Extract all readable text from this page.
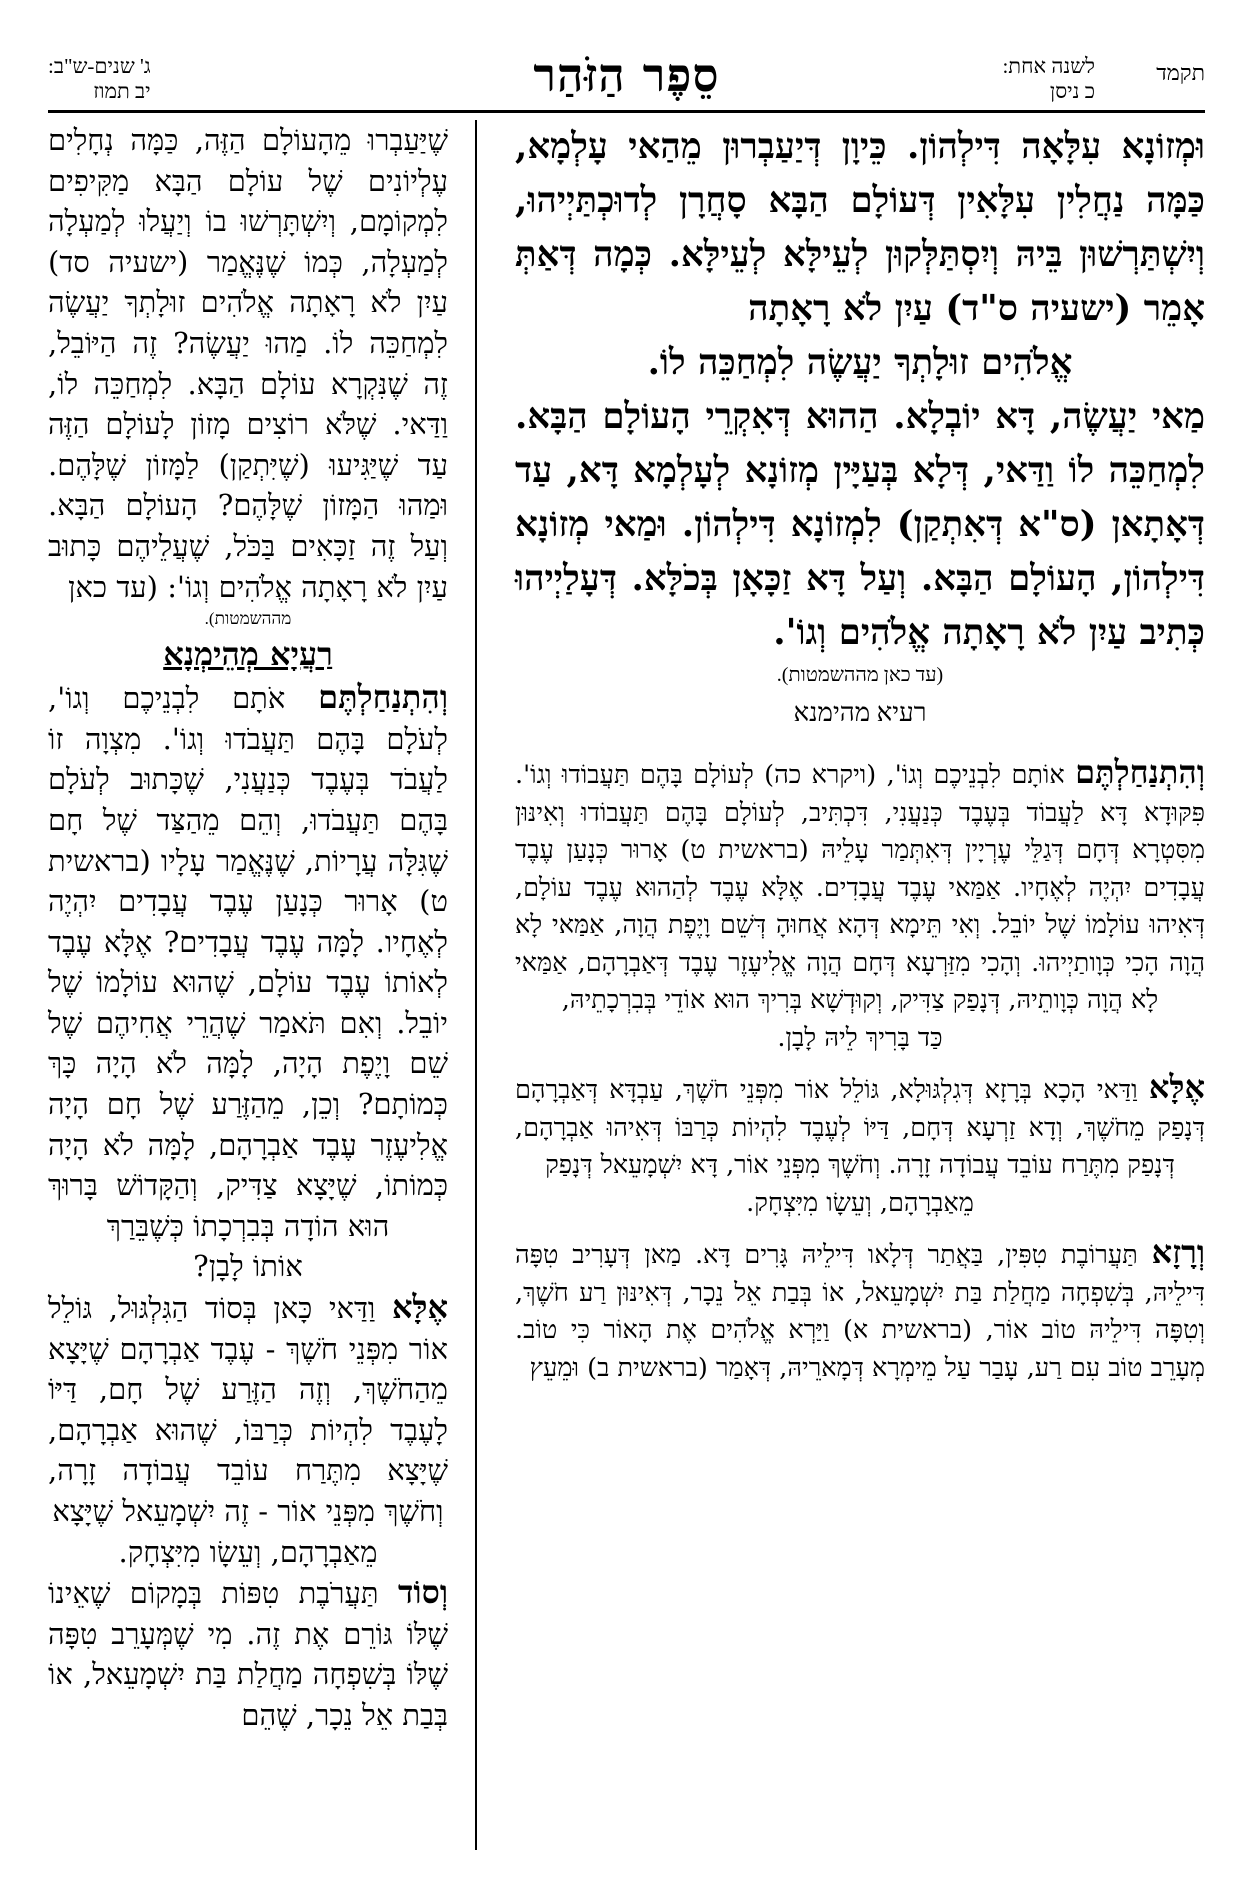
תקמד
לשנה אחת:
כ ניסן
סֵפֶר הַזֹּהַר
ג' שנים-ש"ב:
יב תמוז

וּמְזוֹנָא עִלָּאָה דִּילְהוֹן. כֵּיוָן דְּיַעַבְרוּן מֵהַאי עָלְמָא, כַּמָּה נַחֲלִין עִלָּאִין דְּעוֹלָם הַבָּא סָחֲרָן לְדוּכְתַּיְיהוּ, וְיִשְׁתַּרְשׁוּן בֵּיהּ וְיִסְתַּלְּקוּן לְעֵילָּא לְעֵילָּא. כְּמָה דְּאַתְּ אָמֵר (ישעיה ס"ד) עַיִן לֹא רָאָתָה

אֱלֹהִים זוּלָתְךָ יַעֲשֶׂה לִמְחַכֵּה לוֹ.

מַאי יַעֲשֶׂה, דָּא יוֹבְלָא. הַהוּא דְּאִקְרֵי הָעוֹלָם הַבָּא. לִמְחַכֵּה לוֹ וַדַּאי, דְּלָא בְּעַיָּין מְזוֹנָא לְעָלְמָא דָּא, עַד דְּאָתָאן (ס"א דְּאִתְקַן) לִמְזוֹנָא דִּילְהוֹן. וּמַאי מְזוֹנָא דִּילְהוֹן, הָעוֹלָם הַבָּא. וְעַל דָּא זַכָּאָן בְּכֹלָּא. דְּעָלַיְיהוּ כְּתִיב עַיִן לֹא רָאָתָה אֱלֹהִים וְגוֹ'.

(עד כאן מההשמטות).

רעיא מהימנא

וְהִתְנַחַלְתֶּם אוֹתָם לִבְנֵיכֶם וְגוֹ', (ויקרא כה) לְעוֹלָם בָּהֶם תַּעֲבוֹדוּ וְגוֹ'. פִּקּוּדָא דָּא לַעֲבוֹד בְּעֶבֶד כְּנַעֲנִי, דִּכְתִּיב, לְעוֹלָם בָּהֶם תַּעֲבוֹדוּ וְאִינּוּן מִסִּטְרָא דְּחָם דְּגַלֵּי עֶרְיָין דְּאִתְּמַר עָלֵיהּ (בראשית ט) אָרוּר כְּנָעַן עֶבֶד עֲבָדִים יִהְיֶה לְאֶחָיו. אַמַּאי עֶבֶד עֲבָדִים. אֶלָּא עֶבֶד לְהַהוּא עֶבֶד עוֹלָם, דְּאִיהוּ עוֹלָמוֹ שֶׁל יוֹבֵל. וְאִי תֵּימָא דְּהָא אֲחוּהָ דְּשֵׁם וָיֶפֶת הֲוָה, אַמַּאי לָא הֲוָה הָכִי כְּוָותַיְיהוּ. וְהָכִי מִזַּרְעָא דְּחָם הֲוָה אֱלִיעֶזֶר עֶבֶד דְּאַבְרָהָם, אַמַּאי לָא הֲוָה כְּוָותֵיהּ, דְּנָפַק צַדִּיק, וְקוּדְשָׁא בְּרִיךְ הוּא אוֹדֵי בְּבִרְכָתֵיהּ,
כַּד בָּרִיךְ לֵיהּ לָבָן.

אֶלָּא וַדַּאי הָכָא בְּרָזָא דְּגִלְגּוּלָא, גּוֹלֵל אוֹר מִפְּנֵי חֹשֶׁךְ, עַבְדָּא דְּאַבְרָהָם דְּנָפַק מֵחֹשֶׁךְ, וְדָא זַרְעָא דְּחָם, דַּיּוֹ לְעֶבֶד לִהְיוֹת כְּרַבּוֹ דְּאִיהוּ אַבְרָהָם, דְּנָפַק מִתֶּרַח עוֹבֵד עֲבוֹדָה זָרָה. וְחֹשֶׁךְ מִפְּנֵי אוֹר, דָּא יִשְׁמָעֵאל דְּנָפַק
מֵאַבְרָהָם, וְעֵשָׂו מִיִּצְחָק.

וְרָזָא תַּעֲרוֹבֶת טִפִּין, בַּאֲתַר דְּלָאו דִּילֵיהּ גָּרִים דָּא. מַאן דְּעָרִיב טִפָּה דִּילֵיהּ, בְּשִׁפְחָה מַחֲלַת בַּת יִשְׁמָעֵאל, אוֹ בְּבַת אֵל נֵכָר, דְּאִינּוּן רַע חֹשֶׁךְ, וְטִפָּה דִּילֵיהּ טוֹב אוֹר, (בראשית א) וַיַּרְא אֱלֹהִים אֶת הָאוֹר כִּי טוֹב. מְעָרֵב טוֹב עִם רַע, עָבַר עַל מֵימְרָא דְּמָארֵיהּ, דְּאָמַר (בראשית ב) וּמֵעֵץ

שֶׁיַּעַבְרוּ מֵהָעוֹלָם הַזֶּה, כַּמָּה נְחָלִים עֶלְיוֹנִים שֶׁל עוֹלָם הַבָּא מַקִּיפִים לִמְקוֹמָם, וְיִשְׁתָּרְשׁוּ בוֹ וְיַעֲלוּ לְמַעְלָה לְמַעְלָה, כְּמוֹ שֶׁנֶּאֱמַר (ישעיה סד) עַיִן לֹא רָאָתָה אֱלֹהִים זוּלָתְךָ יַעֲשֶׂה לִמְחַכֵּה לוֹ. מַהוּ יַעֲשֶׂה? זֶה הַיּוֹבֵל, זֶה שֶׁנִּקְרָא עוֹלָם הַבָּא. לִמְחַכֵּה לוֹ, וַדַּאי. שֶׁלֹּא רוֹצִים מָזוֹן לָעוֹלָם הַזֶּה עַד שֶׁיַּגִּיעוּ (שֶׁיִּתְקַן) לַמָּזוֹן שֶׁלָּהֶם. וּמַהוּ הַמָּזוֹן שֶׁלָּהֶם? הָעוֹלָם הַבָּא. וְעַל זֶה זַכָּאִים בַּכֹּל, שֶׁעֲלֵיהֶם כָּתוּב עַיִן לֹא רָאָתָה אֱלֹהִים וְגוֹ': (עד כאן

מההשמטות).

רַעֲיָא מְהֵימְנָא

וְהִתְנַחַלְתֶּם אֹתָם לִבְנֵיכֶם וְגוֹ', לְעֹלָם בָּהֶם תַּעֲבֹדוּ וְגוֹ'. מִצְוָה זוֹ לַעֲבֹד בְּעֶבֶד כְּנַעֲנִי, שֶׁכָּתוּב לְעֹלָם בָּהֶם תַּעֲבֹדוּ, וְהֵם מֵהַצַּד שֶׁל חָם שֶׁגִּלָּה עֲרָיוֹת, שֶׁנֶּאֱמַר עָלָיו (בראשית ט) אָרוּר כְּנָעַן עֶבֶד עֲבָדִים יִהְיֶה לְאֶחָיו. לָמָּה עֶבֶד עֲבָדִים? אֶלָּא עֶבֶד לְאוֹתוֹ עֶבֶד עוֹלָם, שֶׁהוּא עוֹלָמוֹ שֶׁל יוֹבֵל. וְאִם תֹּאמַר שֶׁהֲרֵי אֲחִיהֶם שֶׁל שֵׁם וָיֶפֶת הָיָה, לָמָּה לֹא הָיָה כָּךְ כְּמוֹתָם? וְכֵן, מֵהַזֶּרַע שֶׁל חָם הָיָה אֱלִיעֶזֶר עֶבֶד אַבְרָהָם, לָמָּה לֹא הָיָה כְּמוֹתוֹ, שֶׁיָּצָא צַדִּיק, וְהַקָּדוֹשׁ בָּרוּךְ הוּא הוֹדָה בְּבִרְכָתוֹ כְּשֶׁבֵּרַךְ
אוֹתוֹ לָבָן?

אֶלָּא וַדַּאי כָּאן בְּסוֹד הַגִּלְגּוּל, גּוֹלֵל אוֹר מִפְּנֵי חֹשֶׁךְ - עֶבֶד אַבְרָהָם שֶׁיָּצָא מֵהַחֹשֶׁךְ, וְזֶה הַזֶּרַע שֶׁל חָם, דַּיּוֹ לָעֶבֶד לִהְיוֹת כְּרַבּוֹ, שֶׁהוּא אַבְרָהָם, שֶׁיָּצָא מִתֶּרַח עוֹבֵד עֲבוֹדָה זָרָה, וְחֹשֶׁךְ מִפְּנֵי אוֹר - זֶה יִשְׁמָעֵאל שֶׁיָּצָא
מֵאַבְרָהָם, וְעֵשָׂו מִיִּצְחָק.

וְסוֹד תַּעֲרֹבֶת טִפּוֹת בְּמָקוֹם שֶׁאֵינוֹ שֶׁלּוֹ גּוֹרֵם אֶת זֶה. מִי שֶׁמְּעָרֵב טִפָּה שֶׁלּוֹ בְּשִׁפְחָה מַחֲלַת בַּת יִשְׁמָעֵאל, אוֹ בְּבַת אֵל נֵכָר, שֶׁהֵם
